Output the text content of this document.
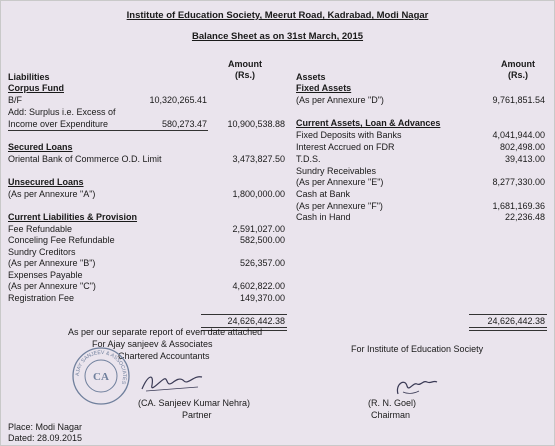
Institute of Education Society, Meerut Road, Kadrabad, Modi Nagar
Balance Sheet as on 31st March, 2015
Liabilities
Amount
(Rs.)	Assets
Amount
(Rs.)
Corpus Fund
B/F	10,320,265.41
Add: Surplus i.e. Excess of
Income over Expenditure	580,273.47	10,900,538.88
Secured Loans
Oriental Bank of Commerce O.D. Limit	3,473,827.50
Unsecured Loans
(As per Annexure "A")	1,800,000.00
Current Liabilities & Provision
Fee Refundable	2,591,027.00
Conceling Fee Refundable	582,500.00
Sundry Creditors
(As per Annexure "B")	526,357.00
Expenses Payable
(As per Annexure "C")	4,602,822.00
Registration Fee	149,370.00
24,626,442.38
Fixed Assets
(As per Annexure "D")	9,761,851.54
Current Assets, Loan & Advances
Fixed Deposits with Banks	4,041,944.00
Interest Accrued on FDR	802,498.00
T.D.S.	39,413.00
Sundry Receivables
(As per Annexure "E")	8,277,330.00
Cash at Bank
(As per Annexure "F")	1,681,169.36
Cash in Hand	22,236.48
24,626,442.38
As per our separate report of even date attached
For Ajay sanjeev & Associates
Chartered Accountants
For Institute of Education Society
AJAY SANJEEV & ASSOCIATES
CA
(CA. Sanjeev Kumar Nehra)
Partner
(R. N. Goel)
Chairman
Place: Modi Nagar
Dated: 28.09.2015
